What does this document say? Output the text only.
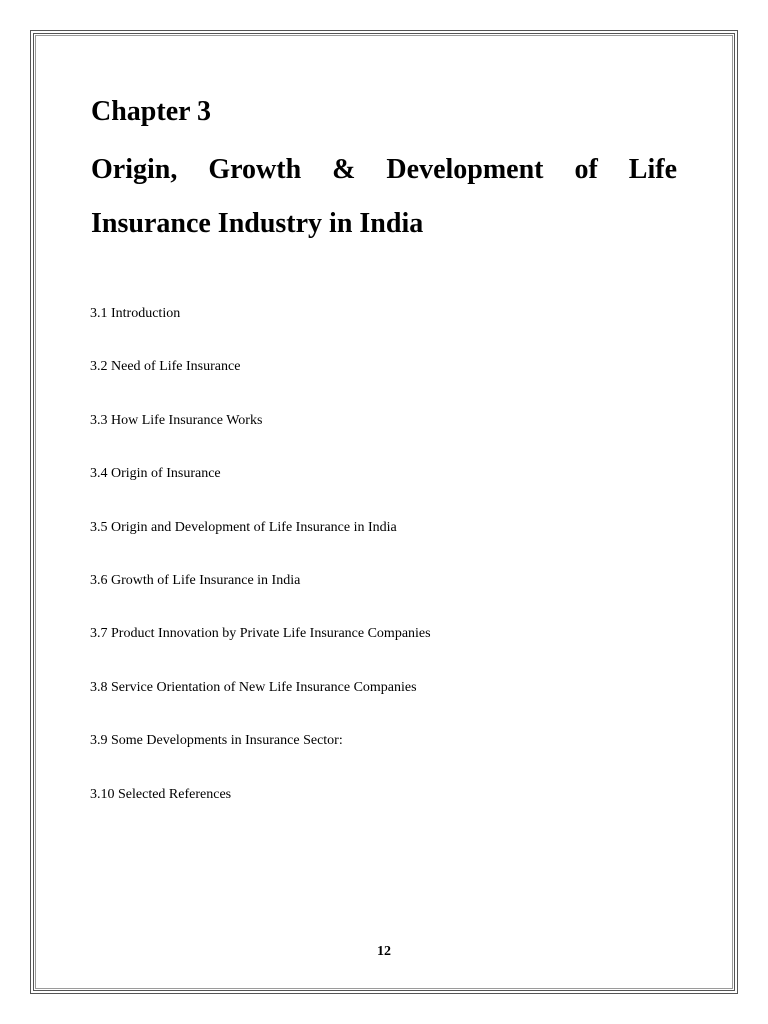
Chapter 3
Origin, Growth & Development of Life
Insurance Industry in India
3.1 Introduction
3.2 Need of Life Insurance
3.3 How Life Insurance Works
3.4 Origin of Insurance
3.5 Origin and Development of Life Insurance in India
3.6 Growth of Life Insurance in India
3.7 Product Innovation by Private Life Insurance Companies
3.8 Service Orientation of New Life Insurance Companies
3.9 Some Developments in Insurance Sector:
3.10 Selected References
12
